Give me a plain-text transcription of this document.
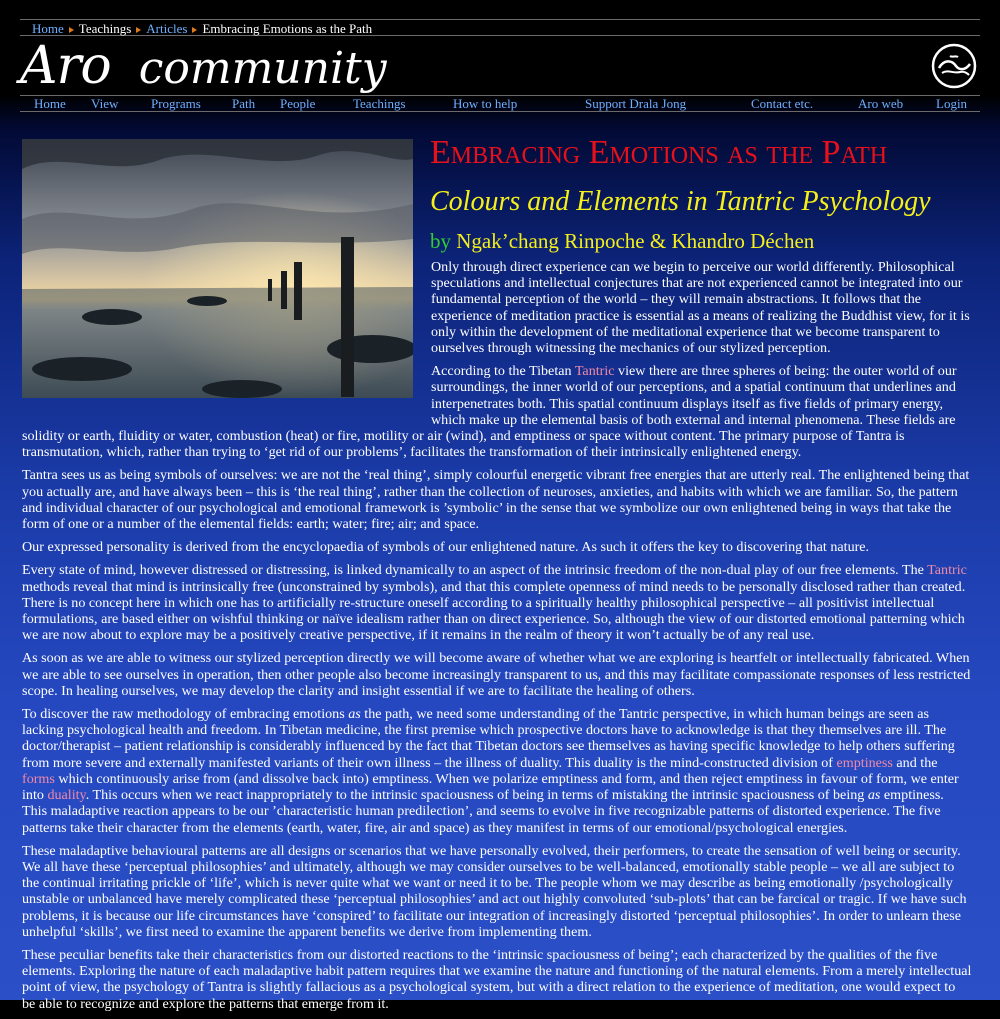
Home Teachings Articles Embracing Emotions as the Path
Aro community
Home View	Programs Path People	Teachings	How to help	Support Drala Jong	Contact etc.	Aro web	Login
Embracing Emotions as the Path
Colours and Elements in Tantric Psychology
by Ngak’chang Rinpoche & Khandro Déchen

Only through direct experience can we begin to perceive our world differently. Philosophical speculations and intellectual conjectures that are not experienced cannot be integrated into our fundamental perception of the world – they will remain abstractions. It follows that the experience of meditation practice is essential as a means of realizing the Buddhist view, for it is only within the development of the meditational experience that we become transparent to ourselves through witnessing the mechanics of our stylized perception.

According to the Tibetan Tantric view there are three spheres of being: the outer world of our surroundings, the inner world of our perceptions, and a spatial continuum that underlines and interpenetrates both. This spatial continuum displays itself as five fields of primary energy, which make up the elemental basis of both external and internal phenomena. These fields are solidity or earth, fluidity or water, combustion (heat) or fire, motility or air (wind), and emptiness or space without content. The primary purpose of Tantra is transmutation, which, rather than trying to ‘get rid of our problems’, facilitates the transformation of their intrinsically enlightened energy.

Tantra sees us as being symbols of ourselves: we are not the ‘real thing’, simply colourful energetic vibrant free energies that are utterly real. The enlightened being that you actually are, and have always been – this is ‘the real thing’, rather than the collection of neuroses, anxieties, and habits with which we are familiar. So, the pattern and individual character of our psychological and emotional framework is ’symbolic’ in the sense that we symbolize our own enlightened being in ways that take the form of one or a number of the elemental fields: earth; water; fire; air; and space.

Our expressed personality is derived from the encyclopaedia of symbols of our enlightened nature. As such it offers the key to discovering that nature.

Every state of mind, however distressed or distressing, is linked dynamically to an aspect of the intrinsic freedom of the non-dual play of our free elements. The Tantric methods reveal that mind is intrinsically free (unconstrained by symbols), and that this complete openness of mind needs to be personally disclosed rather than created. There is no concept here in which one has to artificially re-structure oneself according to a spiritually healthy philosophical perspective – all positivist intellectual formulations, are based either on wishful thinking or naïve idealism rather than on direct experience. So, although the view of our distorted emotional patterning which we are now about to explore may be a positively creative perspective, if it remains in the realm of theory it won’t actually be of any real use.

As soon as we are able to witness our stylized perception directly we will become aware of whether what we are exploring is heartfelt or intellectually fabricated. When we are able to see ourselves in operation, then other people also become increasingly transparent to us, and this may facilitate compassionate responses of less restricted scope. In healing ourselves, we may develop the clarity and insight essential if we are to facilitate the healing of others.

To discover the raw methodology of embracing emotions as the path, we need some understanding of the Tantric perspective, in which human beings are seen as lacking psychological health and freedom. In Tibetan medicine, the first premise which prospective doctors have to acknowledge is that they themselves are ill. The doctor/therapist – patient relationship is considerably influenced by the fact that Tibetan doctors see themselves as having specific knowledge to help others suffering from more severe and externally manifested variants of their own illness – the illness of duality. This duality is the mind-constructed division of emptiness and the forms which continuously arise from (and dissolve back into) emptiness. When we polarize emptiness and form, and then reject emptiness in favour of form, we enter into duality. This occurs when we react inappropriately to the intrinsic spaciousness of being in terms of mistaking the intrinsic spaciousness of being as emptiness. This maladaptive reaction appears to be our ’characteristic human predilection’, and seems to evolve in five recognizable patterns of distorted experience. The five patterns take their character from the elements (earth, water, fire, air and space) as they manifest in terms of our emotional/psychological energies.

These maladaptive behavioural patterns are all designs or scenarios that we have personally evolved, their performers, to create the sensation of well being or security. We all have these ‘perceptual philosophies’ and ultimately, although we may consider ourselves to be well-balanced, emotionally stable people – we all are subject to the continual irritating prickle of ‘life’, which is never quite what we want or need it to be. The people whom we may describe as being emotionally /psychologically unstable or unbalanced have merely complicated these ‘perceptual philosophies’ and act out highly convoluted ‘sub-plots’ that can be farcical or tragic. If we have such problems, it is because our life circumstances have ‘conspired’ to facilitate our integration of increasingly distorted ‘perceptual philosophies’. In order to unlearn these unhelpful ‘skills’, we first need to examine the apparent benefits we derive from implementing them.

These peculiar benefits take their characteristics from our distorted reactions to the ‘intrinsic spaciousness of being’; each characterized by the qualities of the five elements. Exploring the nature of each maladaptive habit pattern requires that we examine the nature and functioning of the natural elements. From a merely intellectual point of view, the psychology of Tantra is slightly fallacious as a psychological system, but with a direct relation to the experience of meditation, one would expect to be able to recognize and explore the patterns that emerge from it.
